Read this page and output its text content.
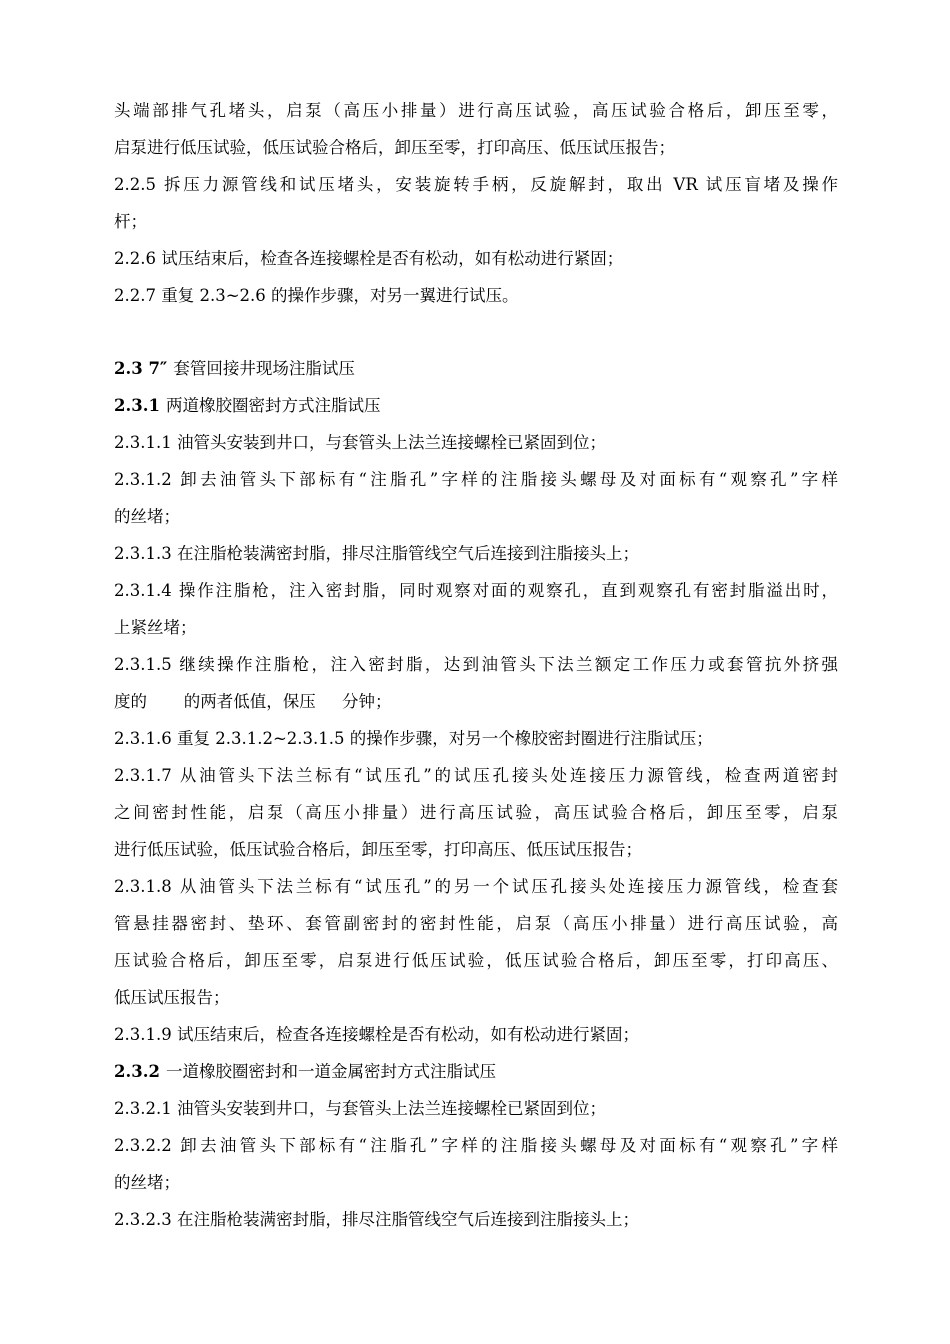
头端部排气孔堵头，启泵（高压小排量）进行高压试验，高压试验合格后，卸压至零，
启泵进行低压试验，低压试验合格后，卸压至零，打印高压、低压试压报告；
2.2.5 拆压力源管线和试压堵头，安装旋转手柄，反旋解封，取出 VR 试压盲堵及操作
杆；
2.2.6 试压结束后，检查各连接螺栓是否有松动，如有松动进行紧固；
2.2.7 重复 2.3~2.6 的操作步骤，对另一翼进行试压。
2.3 7″ 套管回接井现场注脂试压
2.3.1 两道橡胶圈密封方式注脂试压
2.3.1.1 油管头安装到井口，与套管头上法兰连接螺栓已紧固到位；
2.3.1.2 卸去油管头下部标有“注脂孔”字样的注脂接头螺母及对面标有“观察孔”字样
的丝堵；
2.3.1.3 在注脂枪装满密封脂，排尽注脂管线空气后连接到注脂接头上；
2.3.1.4 操作注脂枪，注入密封脂，同时观察对面的观察孔，直到观察孔有密封脂溢出时，
上紧丝堵；
2.3.1.5 继续操作注脂枪，注入密封脂，达到油管头下法兰额定工作压力或套管抗外挤强
度的       的两者低值，保压     分钟；
2.3.1.6 重复 2.3.1.2~2.3.1.5 的操作步骤，对另一个橡胶密封圈进行注脂试压；
2.3.1.7 从油管头下法兰标有“试压孔”的试压孔接头处连接压力源管线，检查两道密封
之间密封性能，启泵（高压小排量）进行高压试验，高压试验合格后，卸压至零，启泵
进行低压试验，低压试验合格后，卸压至零，打印高压、低压试压报告；
2.3.1.8 从油管头下法兰标有“试压孔”的另一个试压孔接头处连接压力源管线，检查套
管悬挂器密封、垫环、套管副密封的密封性能，启泵（高压小排量）进行高压试验，高
压试验合格后，卸压至零，启泵进行低压试验，低压试验合格后，卸压至零，打印高压、
低压试压报告；
2.3.1.9 试压结束后，检查各连接螺栓是否有松动，如有松动进行紧固；
2.3.2 一道橡胶圈密封和一道金属密封方式注脂试压
2.3.2.1 油管头安装到井口，与套管头上法兰连接螺栓已紧固到位；
2.3.2.2 卸去油管头下部标有“注脂孔”字样的注脂接头螺母及对面标有“观察孔”字样
的丝堵；
2.3.2.3 在注脂枪装满密封脂，排尽注脂管线空气后连接到注脂接头上；
